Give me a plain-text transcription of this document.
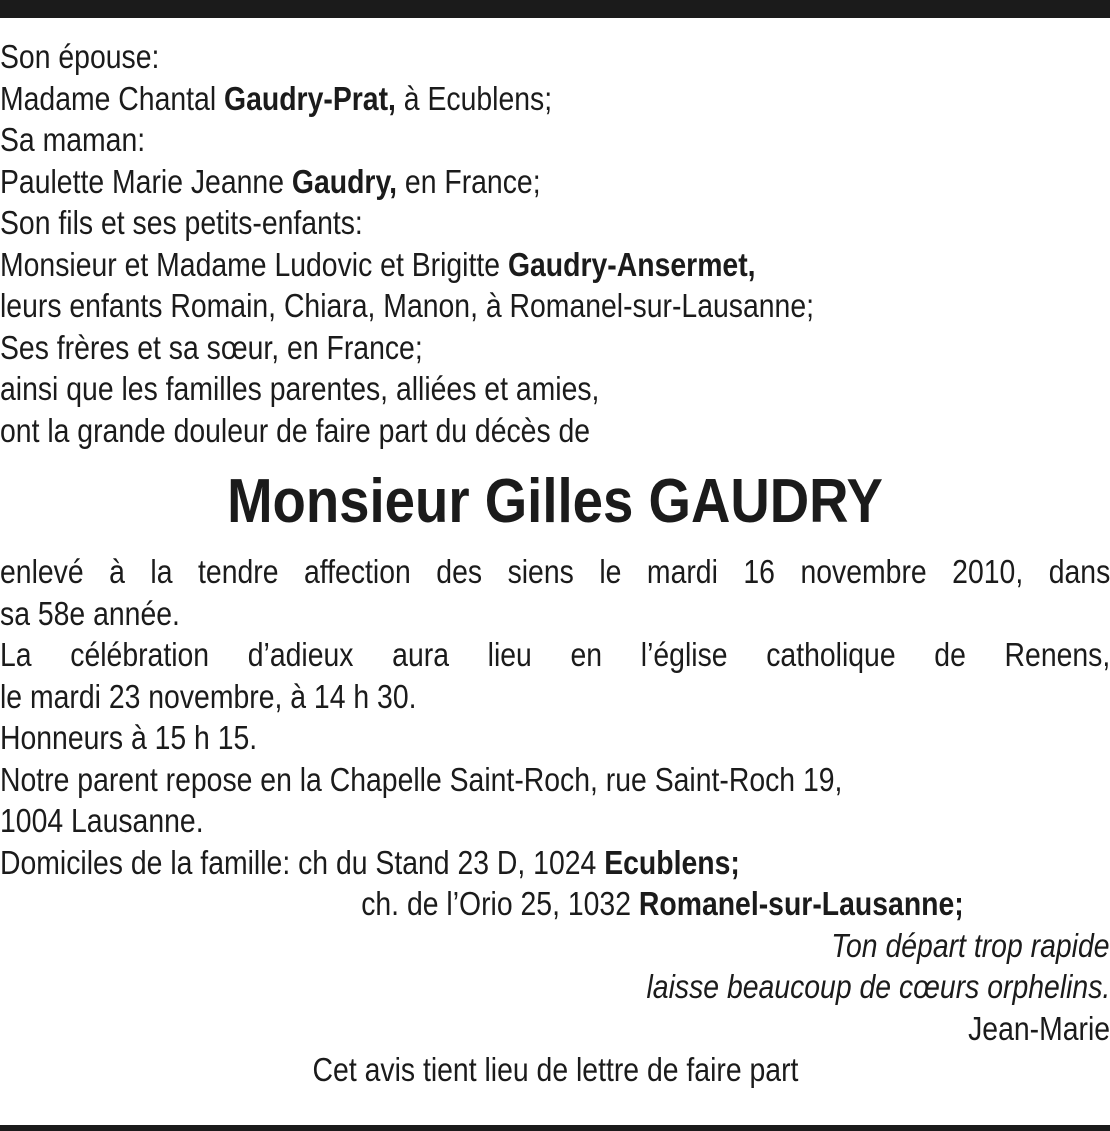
Son épouse:
Madame Chantal Gaudry-Prat, à Ecublens;
Sa maman:
Paulette Marie Jeanne Gaudry, en France;
Son fils et ses petits-enfants:
Monsieur et Madame Ludovic et Brigitte Gaudry-Ansermet,
leurs enfants Romain, Chiara, Manon, à Romanel-sur-Lausanne;
Ses frères et sa sœur, en France;
ainsi que les familles parentes, alliées et amies,
ont la grande douleur de faire part du décès de
Monsieur Gilles GAUDRY
enlevé à la tendre affection des siens le mardi 16 novembre 2010, dans
sa 58e année.
La célébration d’adieux aura lieu en l’église catholique de Renens,
le mardi 23 novembre, à 14 h 30.
Honneurs à 15 h 15.
Notre parent repose en la Chapelle Saint-Roch, rue Saint-Roch 19,
1004 Lausanne.
Domiciles de la famille: ch du Stand 23 D, 1024 Ecublens;
ch. de l’Orio 25, 1032 Romanel-sur-Lausanne;
Ton départ trop rapide
laisse beaucoup de cœurs orphelins.
Jean-Marie
Cet avis tient lieu de lettre de faire part
